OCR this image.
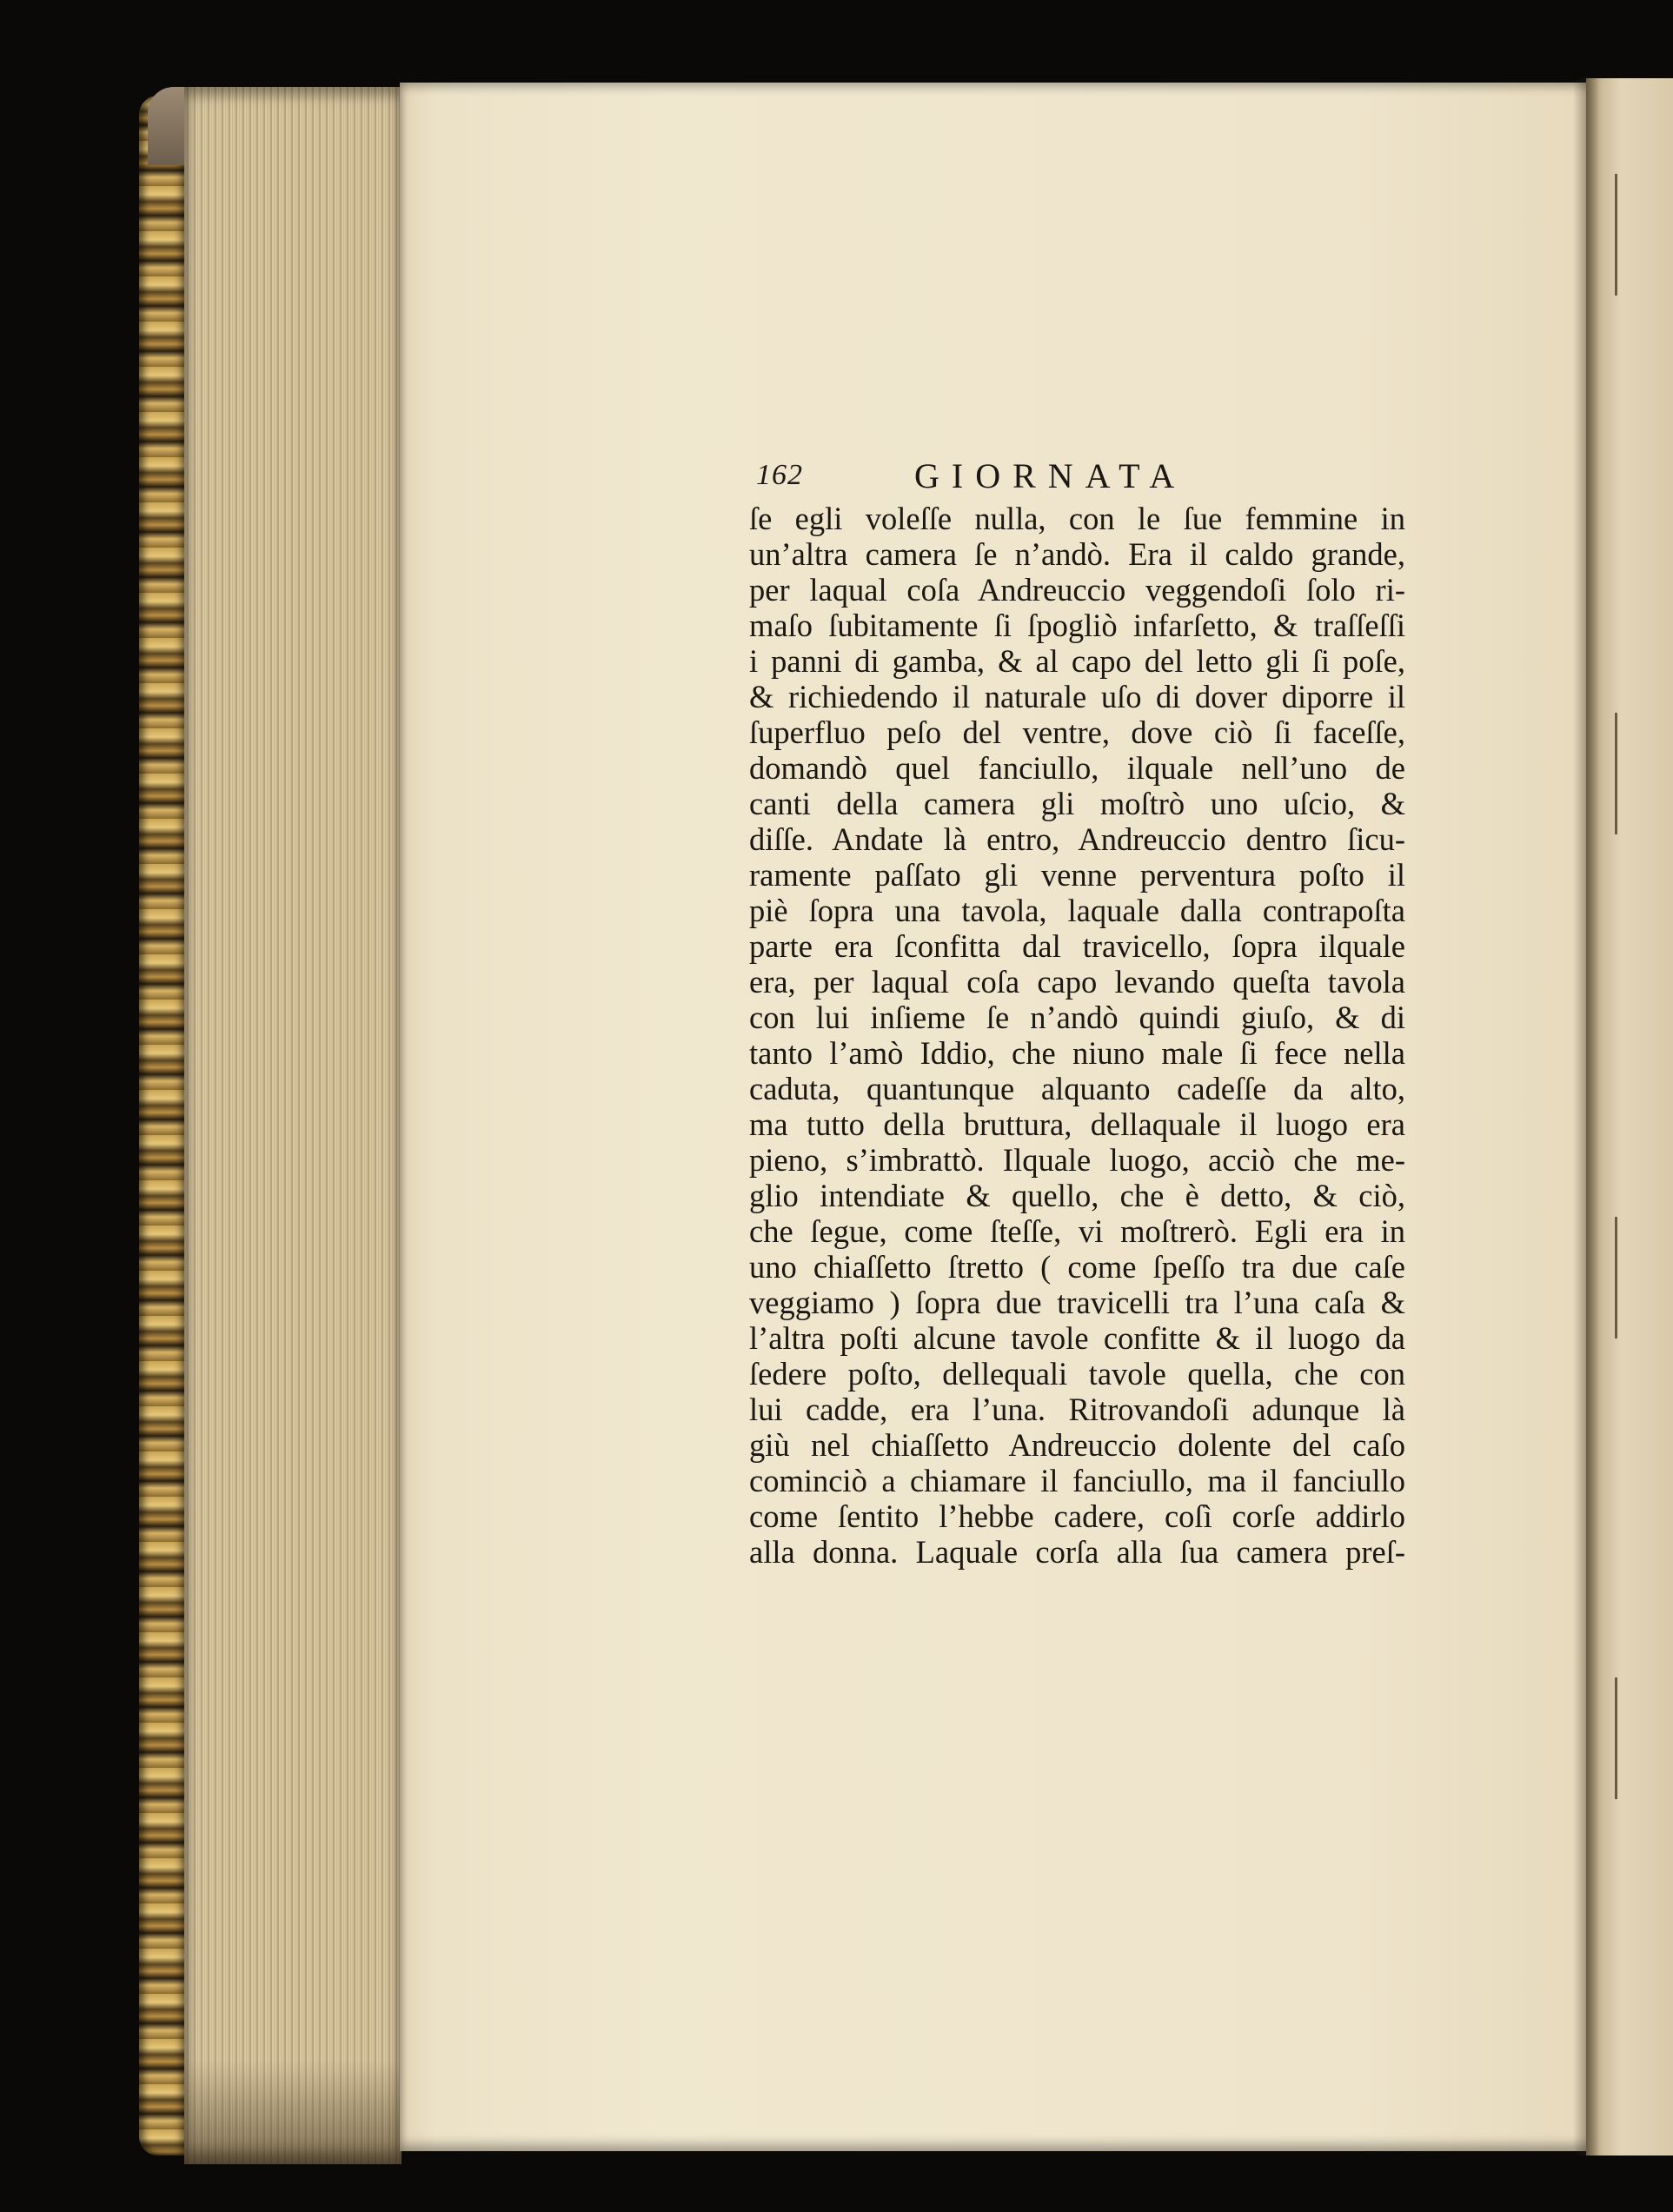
162	GIORNATA
ſe egli voleſſe nulla, con le ſue femmine in
un’altra camera ſe n’andò. Era il caldo grande,
per laqual coſa Andreuccio veggendoſi ſolo ri-
maſo ſubitamente ſi ſpogliò infarſetto, & traſſeſſi
i panni di gamba, & al capo del letto gli ſi poſe,
& richiedendo il naturale uſo di dover diporre il
ſuperfluo peſo del ventre, dove ciò ſi faceſſe,
domandò quel fanciullo, ilquale nell’uno de
canti della camera gli moſtrò uno uſcio, &
diſſe. Andate là entro, Andreuccio dentro ſicu-
ramente paſſato gli venne perventura poſto il
piè ſopra una tavola, laquale dalla contrapoſta
parte era ſconfitta dal travicello, ſopra ilquale
era, per laqual coſa capo levando queſta tavola
con lui inſieme ſe n’andò quindi giuſo, & di
tanto l’amò Iddio, che niuno male ſi fece nella
caduta, quantunque alquanto cadeſſe da alto,
ma tutto della bruttura, dellaquale il luogo era
pieno, s’imbrattò. Ilquale luogo, acciò che me-
glio intendiate & quello, che è detto, & ciò,
che ſegue, come ſteſſe, vi moſtrerò. Egli era in
uno chiaſſetto ſtretto ( come ſpeſſo tra due caſe
veggiamo ) ſopra due travicelli tra l’una caſa &
l’altra poſti alcune tavole confitte & il luogo da
ſedere poſto, dellequali tavole quella, che con
lui cadde, era l’una. Ritrovandoſi adunque là
giù nel chiaſſetto Andreuccio dolente del caſo
cominciò a chiamare il fanciullo, ma il fanciullo
come ſentito l’hebbe cadere, coſì corſe addirlo
alla donna. Laquale corſa alla ſua camera preſ-
